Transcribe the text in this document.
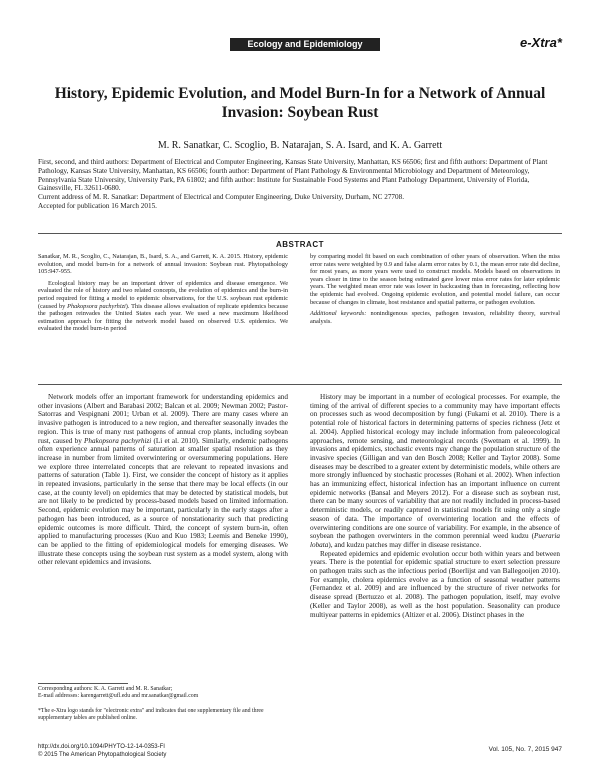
Ecology and Epidemiology	e-Xtra*
History, Epidemic Evolution, and Model Burn-In for a Network of Annual Invasion: Soybean Rust
M. R. Sanatkar, C. Scoglio, B. Natarajan, S. A. Isard, and K. A. Garrett

First, second, and third authors: Department of Electrical and Computer Engineering, Kansas State University, Manhattan, KS 66506; first and fifth authors: Department of Plant Pathology, Kansas State University, Manhattan, KS 66506; fourth author: Department of Plant Pathology & Environmental Microbiology and Department of Meteorology, Pennsylvania State University, University Park, PA 61802; and fifth author: Institute for Sustainable Food Systems and Plant Pathology Department, University of Florida, Gainesville, FL 32611-0680.

Current address of M. R. Sanatkar: Department of Electrical and Computer Engineering, Duke University, Durham, NC 27708.

Accepted for publication 16 March 2015.

ABSTRACT

Sanatkar, M. R., Scoglio, C., Natarajan, B., Isard, S. A., and Garrett, K. A. 2015. History, epidemic evolution, and model burn-in for a network of annual invasion: Soybean rust. Phytopathology 105:947-955.

Ecological history may be an important driver of epidemics and disease emergence. We evaluated the role of history and two related concepts, the evolution of epidemics and the burn-in period required for fitting a model to epidemic observations, for the U.S. soybean rust epidemic (caused by Phakopsora pachyrhizi). This disease allows evaluation of replicate epidemics because the pathogen reinvades the United States each year. We used a new maximum likelihood estimation approach for fitting the network model based on observed U.S. epidemics. We evaluated the model burn-in period

by comparing model fit based on each combination of other years of observation. When the miss error rates were weighted by 0.9 and false alarm error rates by 0.1, the mean error rate did decline, for most years, as more years were used to construct models. Models based on observations in years closer in time to the season being estimated gave lower miss error rates for later epidemic years. The weighted mean error rate was lower in backcasting than in forecasting, reflecting how the epidemic had evolved. Ongoing epidemic evolution, and potential model failure, can occur because of changes in climate, host resistance and spatial patterns, or pathogen evolution.

Additional keywords: nonindigenous species, pathogen invasion, reliability theory, survival analysis.

Network models offer an important framework for understanding epidemics and other invasions (Albert and Barabasi 2002; Balcan et al. 2009; Newman 2002; Pastor-Satorras and Vespignani 2001; Urban et al. 2009). There are many cases where an invasive pathogen is introduced to a new region, and thereafter seasonally invades the region. This is true of many rust pathogens of annual crop plants, including soybean rust, caused by Phakopsora pachyrhizi (Li et al. 2010). Similarly, endemic pathogens often experience annual patterns of saturation at smaller spatial resolution as they increase in number from limited overwintering or oversummering populations. Here we explore three interrelated concepts that are relevant to repeated invasions and patterns of saturation (Table 1). First, we consider the concept of history as it applies in repeated invasions, particularly in the sense that there may be local effects (in our case, at the county level) on epidemics that may be detected by statistical models, but are not likely to be predicted by process-based models based on limited information. Second, epidemic evolution may be important, particularly in the early stages after a pathogen has been introduced, as a source of nonstationarity such that predicting epidemic outcomes is more difficult. Third, the concept of system burn-in, often applied to manufacturing processes (Kuo and Kuo 1983; Leemis and Beneke 1990), can be applied to the fitting of epidemiological models for emerging diseases. We illustrate these concepts using the soybean rust system as a model system, along with other relevant epidemics and invasions.

History may be important in a number of ecological processes. For example, the timing of the arrival of different species to a community may have important effects on processes such as wood decomposition by fungi (Fukami et al. 2010). There is a potential role of historical factors in determining patterns of species richness (Jetz et al. 2004). Applied historical ecology may include information from paleoecological approaches, remote sensing, and meteorological records (Swetnam et al. 1999). In invasions and epidemics, stochastic events may change the population structure of the invasive species (Gilligan and van den Bosch 2008; Keller and Taylor 2008). Some diseases may be described to a greater extent by deterministic models, while others are more strongly influenced by stochastic processes (Rohani et al. 2002). When infection has an immunizing effect, historical infection has an important influence on current epidemic networks (Bansal and Meyers 2012). For a disease such as soybean rust, there can be many sources of variability that are not readily included in process-based deterministic models, or readily captured in statistical models fit using only a single season of data. The importance of overwintering location and the effects of overwintering conditions are one source of variability. For example, in the absence of soybean the pathogen overwinters in the common perennial weed kudzu (Pueraria lobata), and kudzu patches may differ in disease resistance.

Repeated epidemics and epidemic evolution occur both within years and between years. There is the potential for epidemic spatial structure to exert selection pressure on pathogen traits such as the infectious period (Boerlijst and van Ballegooijen 2010). For example, cholera epidemics evolve as a function of seasonal weather patterns (Fernandez et al. 2009) and are influenced by the structure of river networks for disease spread (Bertuzzo et al. 2008). The pathogen population, itself, may evolve (Keller and Taylor 2008), as well as the host population. Seasonality can produce multiyear patterns in epidemics (Altizer et al. 2006). Distinct phases in the

Corresponding authors: K. A. Garrett and M. R. Sanatkar;

E-mail addresses: karengarrett@ufl.edu and mr.sanatkar@gmail.com

*The e-Xtra logo stands for "electronic extra" and indicates that one supplementary file and three supplementary tables are published online.
http://dx.doi.org/10.1094/PHYTO-12-14-0353-FI
© 2015 The American Phytopathological Society
Vol. 105, No. 7, 2015 947
